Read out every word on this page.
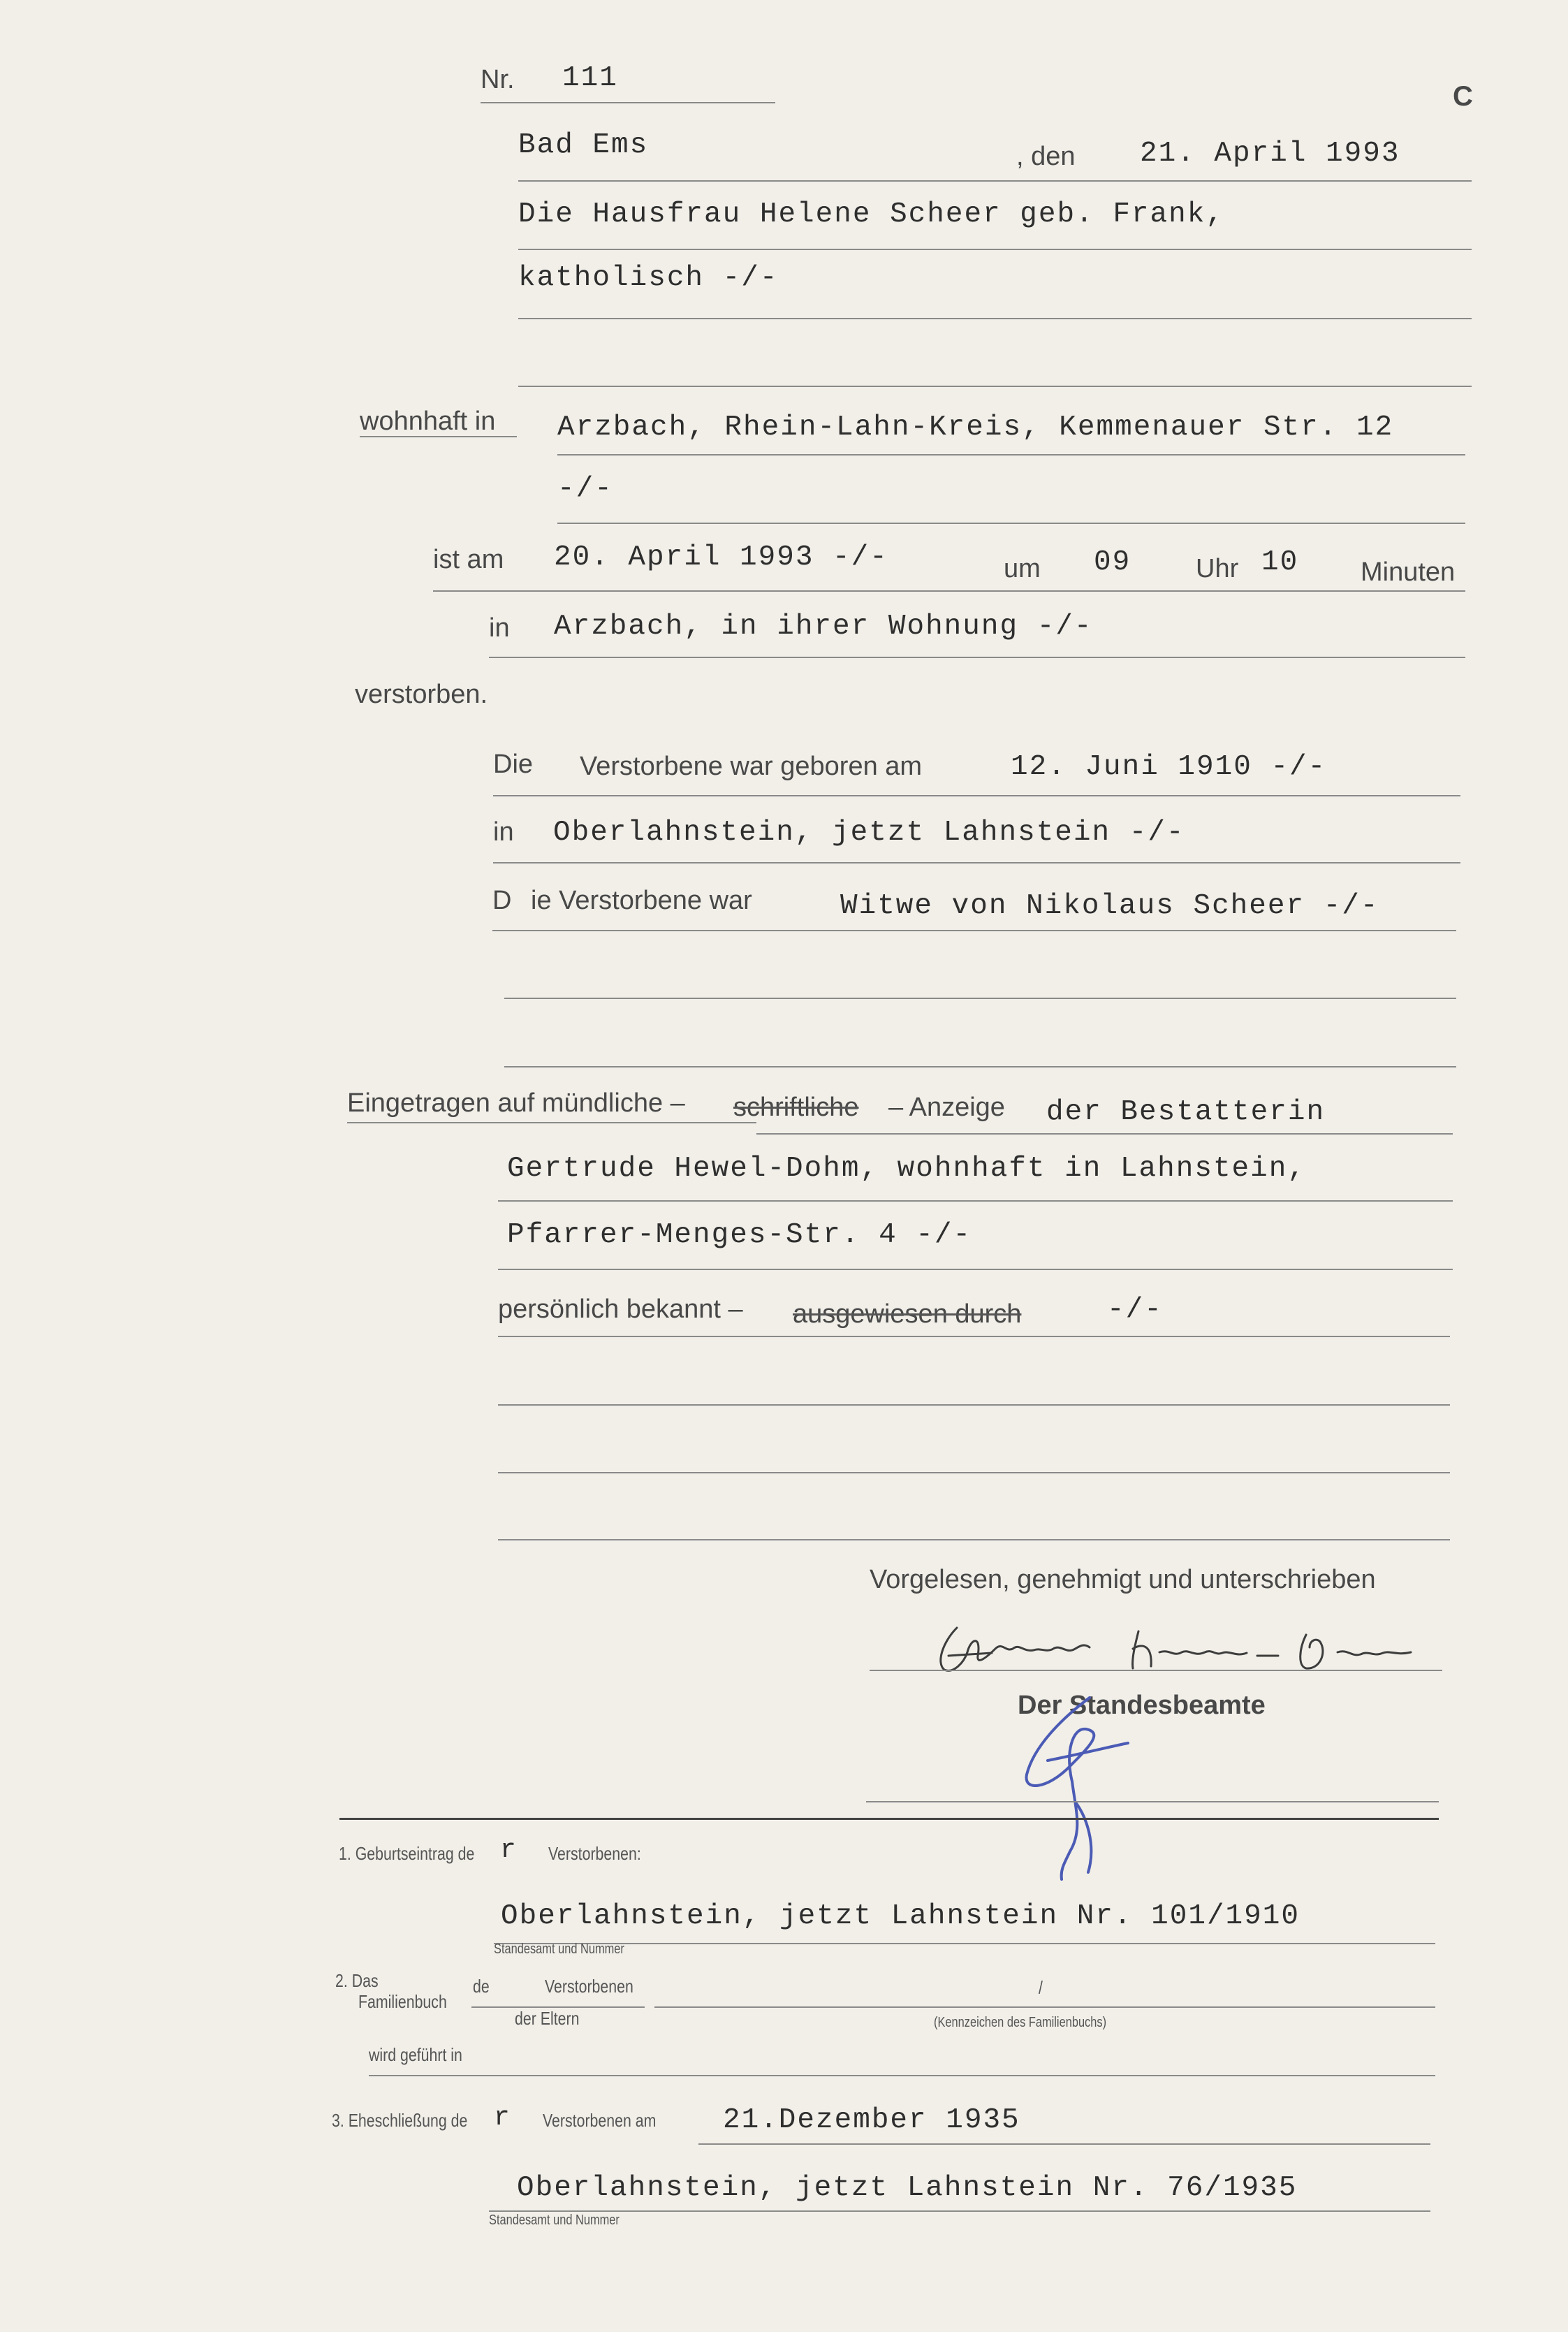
C
Nr. 111
Bad Ems	, den 21. April 1993
Die Hausfrau Helene Scheer geb. Frank,
katholisch -/-
wohnhaft in Arzbach, Rhein-Lahn-Kreis, Kemmenauer Str. 12
-/-
ist am 20. April 1993 -/-	um 09 Uhr 10 Minuten
in Arzbach, in ihrer Wohnung -/-
verstorben.
Die Verstorbene war geboren am	12. Juni 1910 -/-
in Oberlahnstein, jetzt Lahnstein -/-
D ie Verstorbene war	Witwe von Nikolaus Scheer -/-
Eingetragen auf mündliche – schriftliche – Anzeige der Bestatterin
Gertrude Hewel-Dohm, wohnhaft in Lahnstein,
Pfarrer-Menges-Str. 4 -/-
persönlich bekannt – ausgewiesen durch	-/-
Vorgelesen, genehmigt und unterschrieben
Der Standesbeamte
1. Geburtseintrag de r Verstorbenen:
Oberlahnstein, jetzt Lahnstein Nr. 101/1910
Standesamt und Nummer
2. Das
Familienbuch
de	Verstorbenen
der Eltern
/
(Kennzeichen des Familienbuchs)
wird geführt in
3. Eheschließung de r Verstorbenen am 21.Dezember 1935
Oberlahnstein, jetzt Lahnstein Nr. 76/1935
Standesamt und Nummer
